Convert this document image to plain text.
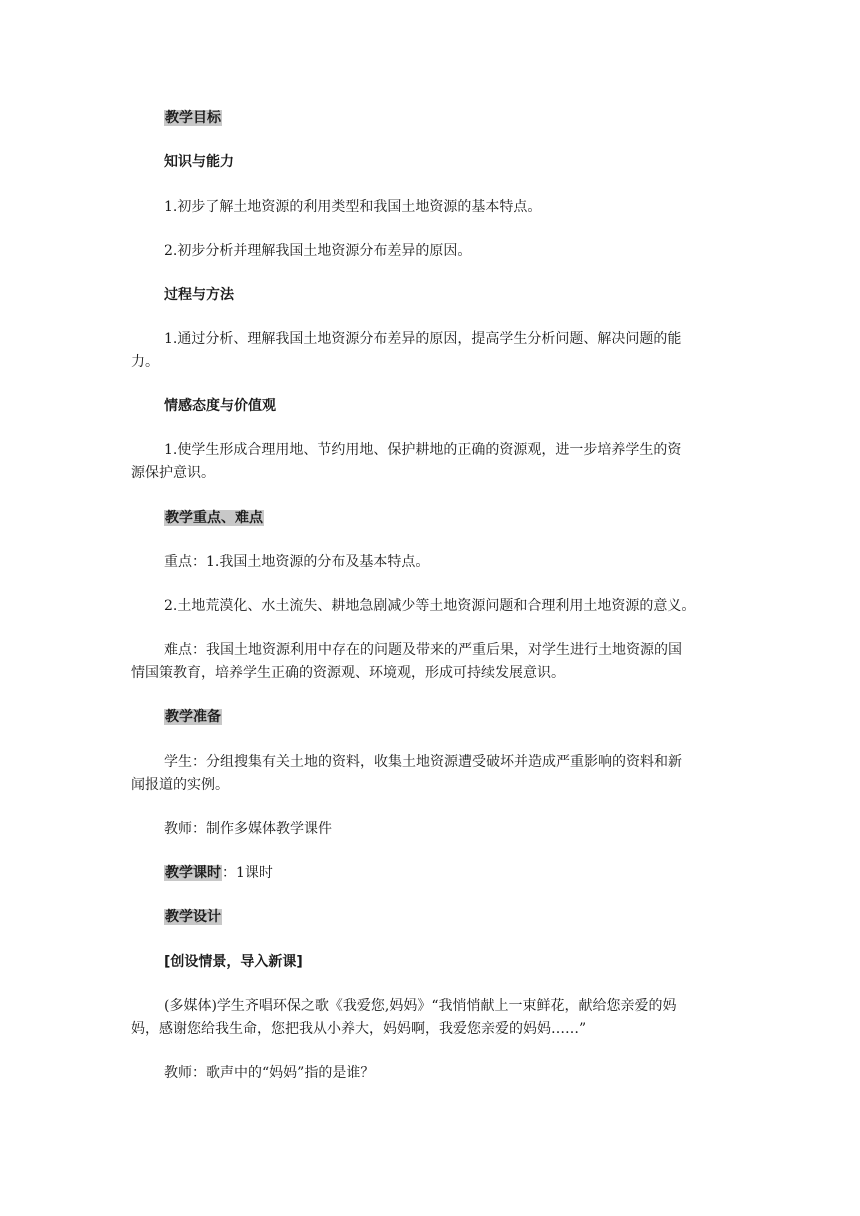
教学目标
知识与能力
1.初步了解土地资源的利用类型和我国土地资源的基本特点。
2.初步分析并理解我国土地资源分布差异的原因。
过程与方法
1.通过分析、理解我国土地资源分布差异的原因，提高学生分析问题、解决问题的能
力。
情感态度与价值观
1.使学生形成合理用地、节约用地、保护耕地的正确的资源观，进一步培养学生的资
源保护意识。
教学重点、难点
重点：1.我国土地资源的分布及基本特点。
2.土地荒漠化、水土流失、耕地急剧减少等土地资源问题和合理利用土地资源的意义。
难点：我国土地资源利用中存在的问题及带来的严重后果，对学生进行土地资源的国
情国策教育，培养学生正确的资源观、环境观，形成可持续发展意识。
教学准备
学生：分组搜集有关土地的资料，收集土地资源遭受破坏并造成严重影响的资料和新
闻报道的实例。
教师：制作多媒体教学课件
教学课时：1课时
教学设计
[创设情景，导入新课]
(多媒体)学生齐唱环保之歌《我爱您,妈妈》“我悄悄献上一束鲜花，献给您亲爱的妈
妈，感谢您给我生命，您把我从小养大，妈妈啊，我爱您亲爱的妈妈……”
教师：歌声中的“妈妈”指的是谁？
